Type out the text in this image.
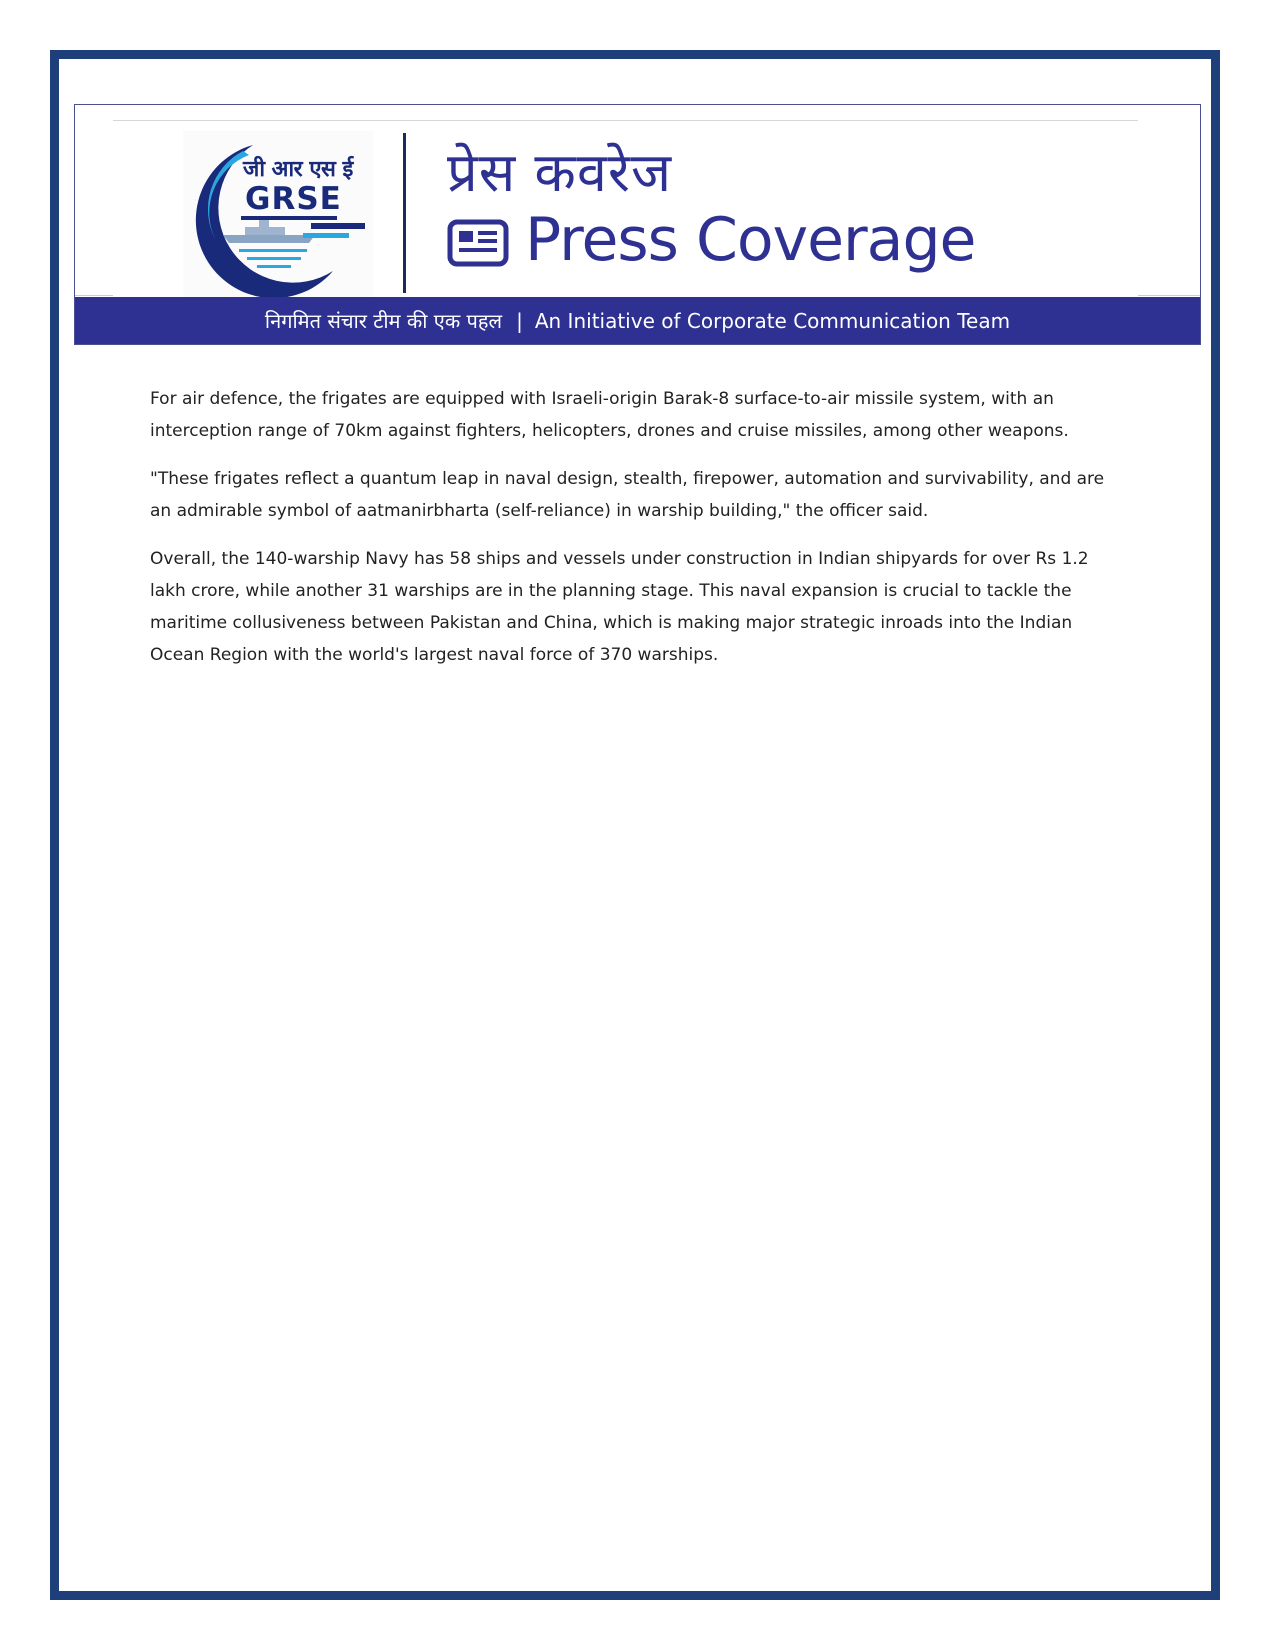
जी आर एस ई
GRSE प्रेस कवरेज
Press Coverage
निगमित संचार टीम की एक पहल | An Initiative of Corporate Communication Team

For air defence, the frigates are equipped with Israeli-origin Barak-8 surface-to-air missile system, with an interception range of 70km against fighters, helicopters, drones and cruise missiles, among other weapons.

"These frigates reflect a quantum leap in naval design, stealth, firepower, automation and survivability, and are an admirable symbol of aatmanirbharta (self-reliance) in warship building," the officer said.

Overall, the 140-warship Navy has 58 ships and vessels under construction in Indian shipyards for over Rs 1.2 lakh crore, while another 31 warships are in the planning stage. This naval expansion is crucial to tackle the maritime collusiveness between Pakistan and China, which is making major strategic inroads into the Indian Ocean Region with the world's largest naval force of 370 warships.
